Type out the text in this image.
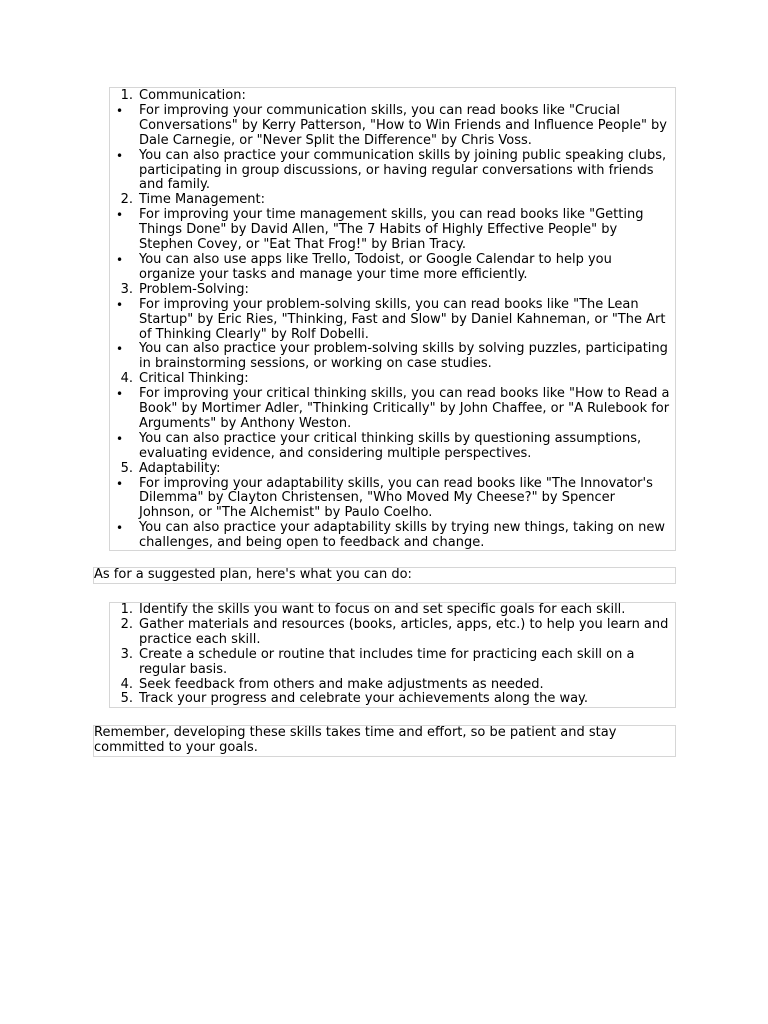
1. Communication:
•	For improving your communication skills, you can read books like "Crucial Conversations" by Kerry Patterson, "How to Win Friends and Influence People" by Dale Carnegie, or "Never Split the Difference" by Chris Voss.
•	You can also practice your communication skills by joining public speaking clubs, participating in group discussions, or having regular conversations with friends and family.
2. Time Management:
•	For improving your time management skills, you can read books like "Getting Things Done" by David Allen, "The 7 Habits of Highly Effective People" by Stephen Covey, or "Eat That Frog!" by Brian Tracy.
•	You can also use apps like Trello, Todoist, or Google Calendar to help you organize your tasks and manage your time more efficiently.
3. Problem-Solving:
•	For improving your problem-solving skills, you can read books like "The Lean Startup" by Eric Ries, "Thinking, Fast and Slow" by Daniel Kahneman, or "The Art of Thinking Clearly" by Rolf Dobelli.
•	You can also practice your problem-solving skills by solving puzzles, participating in brainstorming sessions, or working on case studies.
4. Critical Thinking:
•	For improving your critical thinking skills, you can read books like "How to Read a Book" by Mortimer Adler, "Thinking Critically" by John Chaffee, or "A Rulebook for Arguments" by Anthony Weston.
•	You can also practice your critical thinking skills by questioning assumptions, evaluating evidence, and considering multiple perspectives.
5. Adaptability:
•	For improving your adaptability skills, you can read books like "The Innovator's Dilemma" by Clayton Christensen, "Who Moved My Cheese?" by Spencer Johnson, or "The Alchemist" by Paulo Coelho.
•	You can also practice your adaptability skills by trying new things, taking on new challenges, and being open to feedback and change.

As for a suggested plan, here's what you can do:

1. Identify the skills you want to focus on and set specific goals for each skill.
2. Gather materials and resources (books, articles, apps, etc.) to help you learn and practice each skill.
3. Create a schedule or routine that includes time for practicing each skill on a regular basis.
4. Seek feedback from others and make adjustments as needed.
5. Track your progress and celebrate your achievements along the way.

Remember, developing these skills takes time and effort, so be patient and stay committed to your goals.
